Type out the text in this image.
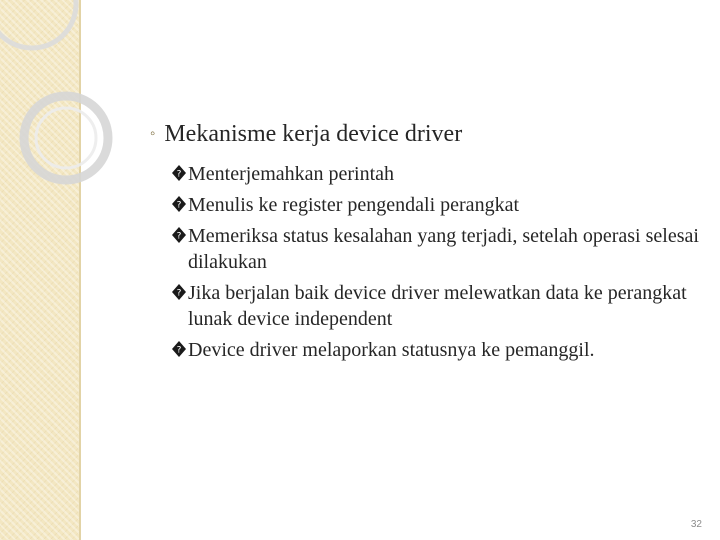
◦ Mekanisme kerja device driver
? Menterjemahkan perintah
? Menulis ke register pengendali perangkat
? Memeriksa status kesalahan yang terjadi, setelah operasi selesai dilakukan
? Jika berjalan baik device driver melewatkan data ke perangkat lunak device independent
? Device driver melaporkan statusnya ke pemanggil.
32
